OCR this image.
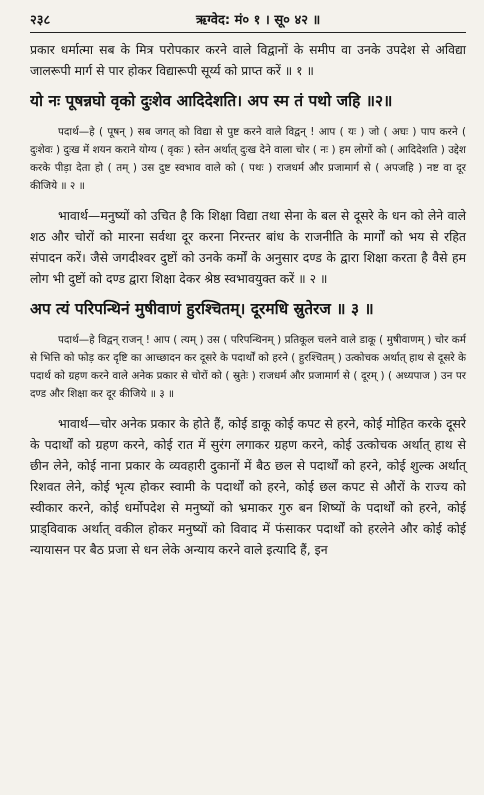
२३८	ऋग्वेद: मं० १ । सू० ४२ ॥

प्रकार धर्मात्मा सब के मित्र परोपकार करने वाले विद्वानों के समीप वा उनके उपदेश से अविद्या जालरूपी मार्ग से पार होकर विद्यारूपी सूर्य्य को प्राप्त करें ॥ १ ॥

यो नः पूषन्नघो वृको दुःशेव आदिदेशति। अप स्म तं पथो जहि ॥२॥

पदार्थ—हे ( पूषन् ) सब जगत् को विद्या से पुष्ट करने वाले विद्वन् ! आप ( यः ) जो ( अघः ) पाप करने ( दुःशेवः ) दुःख में शयन कराने योग्य ( वृकः ) स्तेन अर्थात् दुःख देने वाला चोर ( नः ) हम लोगों को ( आदिदेशति ) उद्देश करके पीड़ा देता हो ( तम् ) उस दुष्ट स्वभाव वाले को ( पथः ) राजधर्म और प्रजामार्ग से ( अपजहि ) नष्ट वा दूर कीजिये ॥ २ ॥

भावार्थ—मनुष्यों को उचित है कि शिक्षा विद्या तथा सेना के बल से दूसरे के धन को लेने वाले शठ और चोरों को मारना सर्वथा दूर करना निरन्तर बांध के राजनीति के मार्गों को भय से रहित संपादन करें। जैसे जगदीश्वर दुष्टों को उनके कर्मों के अनुसार दण्ड के द्वारा शिक्षा करता है वैसे हम लोग भी दुष्टों को दण्ड द्वारा शिक्षा देकर श्रेष्ठ स्वभावयुक्त करें ॥ २ ॥

अप त्यं परिपन्थिनं मुषीवाणं हुरश्चितम्। दूरमधि स्रुतेरज ॥ ३ ॥

पदार्थ—हे विद्वन् राजन् ! आप ( त्यम् ) उस ( परिपन्थिनम् ) प्रतिकूल चलने वाले डाकू ( मुषीवाणम् ) चोर कर्म से भित्ति को फोड़ कर दृष्टि का आच्छादन कर दूसरे के पदार्थों को हरने ( हुरश्चितम् ) उत्कोचक अर्थात् हाथ से दूसरे के पदार्थ को ग्रहण करने वाले अनेक प्रकार से चोरों को ( स्रुतेः ) राजधर्म और प्रजामार्ग से ( दूरम् ) ( अध्यपाज ) उन पर दण्ड और शिक्षा कर दूर कीजिये ॥ ३ ॥

भावार्थ—चोर अनेक प्रकार के होते हैं, कोई डाकू कोई कपट से हरने, कोई मोहित करके दूसरे के पदार्थों को ग्रहण करने, कोई रात में सुरंग लगाकर ग्रहण करने, कोई उत्कोचक अर्थात् हाथ से छीन लेने, कोई नाना प्रकार के व्यवहारी दुकानों में बैठ छल से पदार्थों को हरने, कोई शुल्क अर्थात् रिशवत लेने, कोई भृत्य होकर स्वामी के पदार्थों को हरने, कोई छल कपट से औरों के राज्य को स्वीकार करने, कोई धर्मोपदेश से मनुष्यों को भ्रमाकर गुरु बन शिष्यों के पदार्थों को हरने, कोई प्राड्विवाक अर्थात् वकील होकर मनुष्यों को विवाद में फंसाकर पदार्थों को हरलेने और कोई कोई न्यायासन पर बैठ प्रजा से धन लेके अन्याय करने वाले इत्यादि हैं, इन
